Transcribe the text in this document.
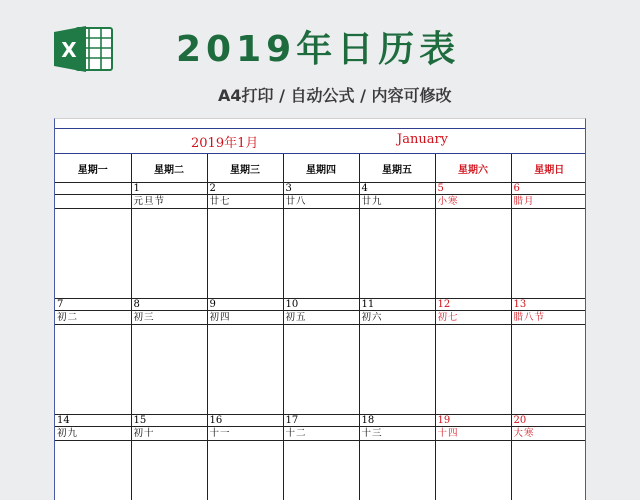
X	2019年日历表
A4打印 / 自动公式 / 内容可修改
2019年1月	January
星期一	星期二	星期三	星期四	星期五	星期六	星期日
	1	2	3	4	5	6
	元旦节	廿七	廿八	廿九	小寒	腊月

7	8	9	10	11	12	13
初二	初三	初四	初五	初六	初七	腊八节

14	15	16	17	18	19	20
初九	初十	十一	十二	十三	十四	大寒
